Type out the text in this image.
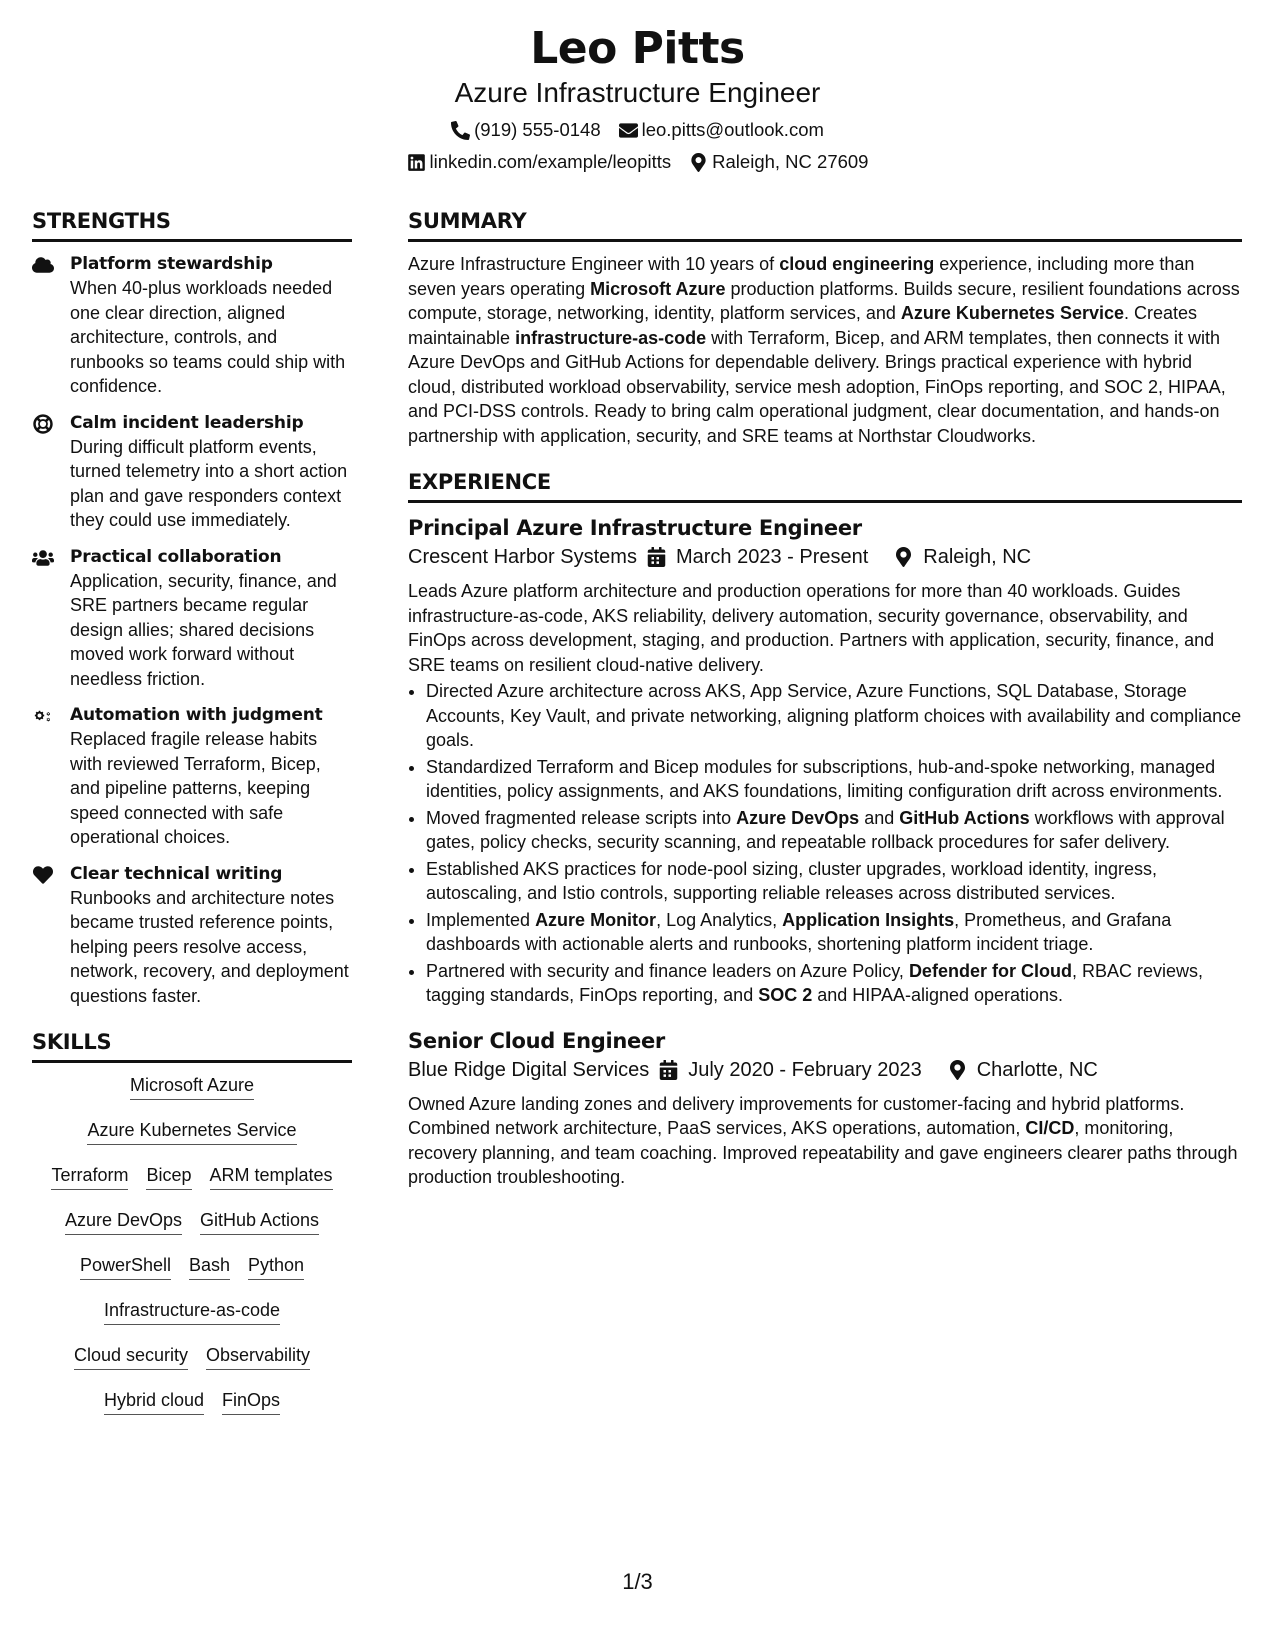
Leo Pitts
Azure Infrastructure Engineer
(919) 555-0148 leo.pitts@outlook.com
linkedin.com/example/leopitts Raleigh, NC 27609
STRENGTHS
Platform stewardship
When 40-plus workloads needed one clear direction, aligned architecture, controls, and runbooks so teams could ship with confidence.
Calm incident leadership
During difficult platform events, turned telemetry into a short action plan and gave responders context they could use immediately.
Practical collaboration
Application, security, finance, and SRE partners became regular design allies; shared decisions moved work forward without needless friction.
Automation with judgment
Replaced fragile release habits with reviewed Terraform, Bicep, and pipeline patterns, keeping speed connected with safe operational choices.
Clear technical writing
Runbooks and architecture notes became trusted reference points, helping peers resolve access, network, recovery, and deployment questions faster.
SKILLS
Microsoft Azure
Azure Kubernetes Service
Terraform Bicep ARM templates
Azure DevOps GitHub Actions
PowerShell Bash Python
Infrastructure-as-code
Cloud security Observability
Hybrid cloud FinOps
SUMMARY
Azure Infrastructure Engineer with 10 years of cloud engineering experience, including more than seven years operating Microsoft Azure production platforms. Builds secure, resilient foundations across compute, storage, networking, identity, platform services, and Azure Kubernetes Service. Creates maintainable infrastructure-as-code with Terraform, Bicep, and ARM templates, then connects it with Azure DevOps and GitHub Actions for dependable delivery. Brings practical experience with hybrid cloud, distributed workload observability, service mesh adoption, FinOps reporting, and SOC 2, HIPAA, and PCI-DSS controls. Ready to bring calm operational judgment, clear documentation, and hands-on partnership with application, security, and SRE teams at Northstar Cloudworks.
EXPERIENCE
Principal Azure Infrastructure Engineer
Crescent Harbor Systems March 2023 - Present	Raleigh, NC
Leads Azure platform architecture and production operations for more than 40 workloads. Guides infrastructure-as-code, AKS reliability, delivery automation, security governance, observability, and FinOps across development, staging, and production. Partners with application, security, finance, and SRE teams on resilient cloud-native delivery.
• Directed Azure architecture across AKS, App Service, Azure Functions, SQL Database, Storage Accounts, Key Vault, and private networking, aligning platform choices with availability and compliance goals.
• Standardized Terraform and Bicep modules for subscriptions, hub-and-spoke networking, managed identities, policy assignments, and AKS foundations, limiting configuration drift across environments.
• Moved fragmented release scripts into Azure DevOps and GitHub Actions workflows with approval gates, policy checks, security scanning, and repeatable rollback procedures for safer delivery.
• Established AKS practices for node-pool sizing, cluster upgrades, workload identity, ingress, autoscaling, and Istio controls, supporting reliable releases across distributed services.
• Implemented Azure Monitor, Log Analytics, Application Insights, Prometheus, and Grafana dashboards with actionable alerts and runbooks, shortening platform incident triage.
• Partnered with security and finance leaders on Azure Policy, Defender for Cloud, RBAC reviews, tagging standards, FinOps reporting, and SOC 2 and HIPAA-aligned operations.
Senior Cloud Engineer
Blue Ridge Digital Services July 2020 - February 2023	Charlotte, NC
Owned Azure landing zones and delivery improvements for customer-facing and hybrid platforms. Combined network architecture, PaaS services, AKS operations, automation, CI/CD, monitoring, recovery planning, and team coaching. Improved repeatability and gave engineers clearer paths through production troubleshooting.
1/3
